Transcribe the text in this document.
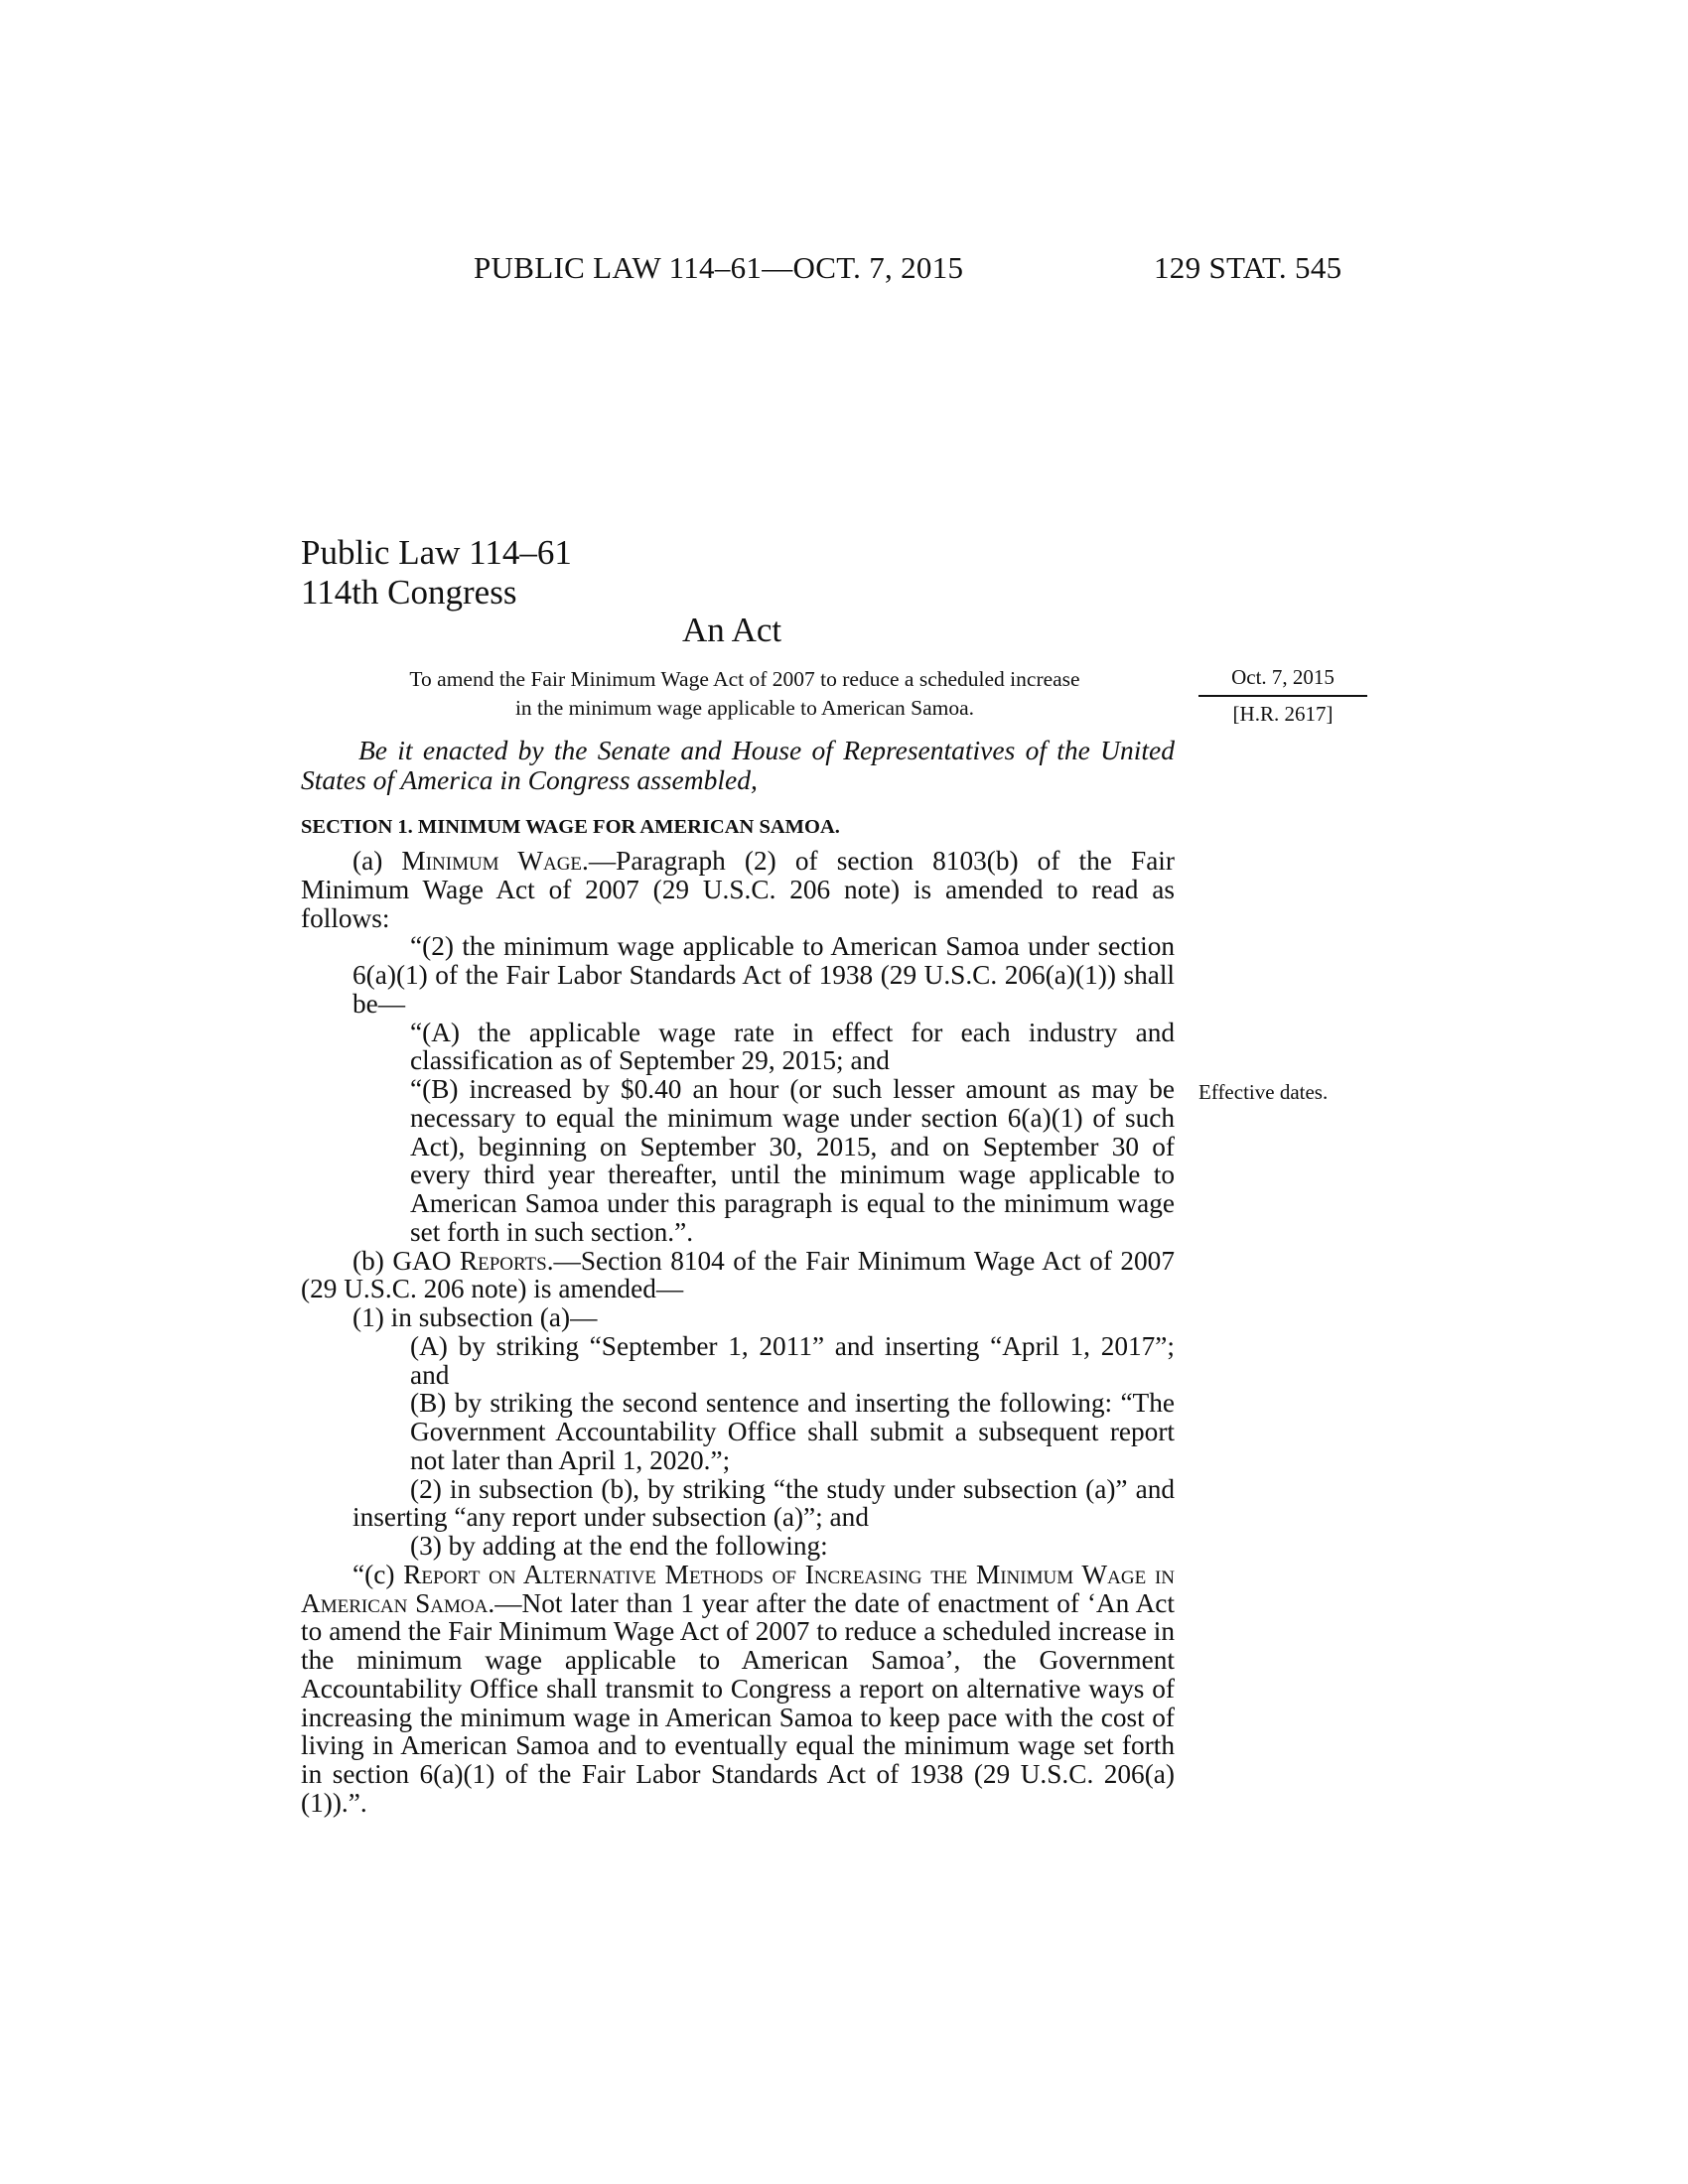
PUBLIC LAW 114–61—OCT. 7, 2015	129 STAT. 545
Public Law 114–61
114th Congress
An Act
To amend the Fair Minimum Wage Act of 2007 to reduce a scheduled increase
in the minimum wage applicable to American Samoa.
Oct. 7, 2015
[H.R. 2617]
Effective dates.
Be it enacted by the Senate and House of Representatives of the United States of America in Congress assembled,
SECTION 1. MINIMUM WAGE FOR AMERICAN SAMOA.

(a) Minimum Wage.—Paragraph (2) of section 8103(b) of the Fair Minimum Wage Act of 2007 (29 U.S.C. 206 note) is amended to read as follows:

“(2) the minimum wage applicable to American Samoa under section 6(a)(1) of the Fair Labor Standards Act of 1938 (29 U.S.C. 206(a)(1)) shall be—

“(A) the applicable wage rate in effect for each industry and classification as of September 29, 2015; and

“(B) increased by $0.40 an hour (or such lesser amount as may be necessary to equal the minimum wage under section 6(a)(1) of such Act), beginning on September 30, 2015, and on September 30 of every third year thereafter, until the minimum wage applicable to American Samoa under this paragraph is equal to the minimum wage set forth in such section.”.

(b) GAO Reports.—Section 8104 of the Fair Minimum Wage Act of 2007 (29 U.S.C. 206 note) is amended—

(1) in subsection (a)—

(A) by striking “September 1, 2011” and inserting “April 1, 2017”; and

(B) by striking the second sentence and inserting the following: “The Government Accountability Office shall submit a subsequent report not later than April 1, 2020.”;

(2) in subsection (b), by striking “the study under subsection (a)” and inserting “any report under subsection (a)”; and

(3) by adding at the end the following:

“(c) Report on Alternative Methods of Increasing the Minimum Wage in American Samoa.—Not later than 1 year after the date of enactment of ‘An Act to amend the Fair Minimum Wage Act of 2007 to reduce a scheduled increase in the minimum wage applicable to American Samoa’, the Government Accountability Office shall transmit to Congress a report on alternative ways of increasing the minimum wage in American Samoa to keep pace with the cost of living in American Samoa and to eventually equal the minimum wage set forth in section 6(a)(1) of the Fair Labor Standards Act of 1938 (29 U.S.C. 206(a)(1)).”.
